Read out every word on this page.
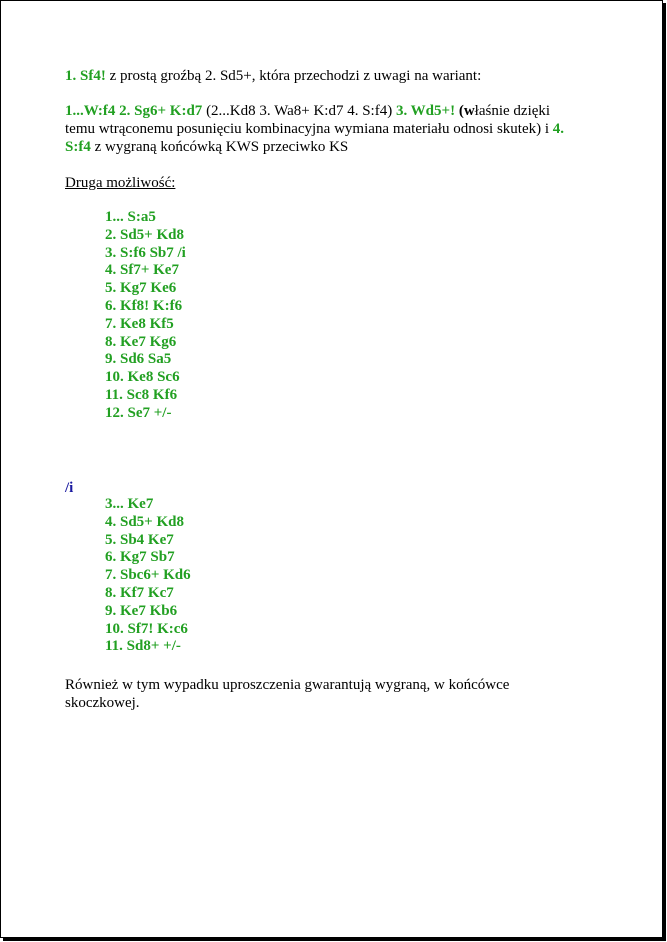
1. Sf4! z prostą groźbą 2. Sd5+, która przechodzi z uwagi na wariant:
1...W:f4 2. Sg6+ K:d7 (2...Kd8 3. Wa8+ K:d7 4. S:f4) 3. Wd5+! (właśnie dzięki
temu wtrąconemu posunięciu kombinacyjna wymiana materiału odnosi skutek) i 4.
S:f4 z wygraną końcówką KWS przeciwko KS
Druga możliwość:
1... S:a5
2. Sd5+ Kd8
3. S:f6 Sb7 /i
4. Sf7+ Ke7
5. Kg7 Ke6
6. Kf8! K:f6
7. Ke8 Kf5
8. Ke7 Kg6
9. Sd6 Sa5
10. Ke8 Sc6
11. Sc8 Kf6
12. Se7 +/-
/i
3... Ke7
4. Sd5+ Kd8
5. Sb4 Ke7
6. Kg7 Sb7
7. Sbc6+ Kd6
8. Kf7 Kc7
9. Ke7 Kb6
10. Sf7! K:c6
11. Sd8+ +/-
Również w tym wypadku uproszczenia gwarantują wygraną, w końcówce
skoczkowej.
